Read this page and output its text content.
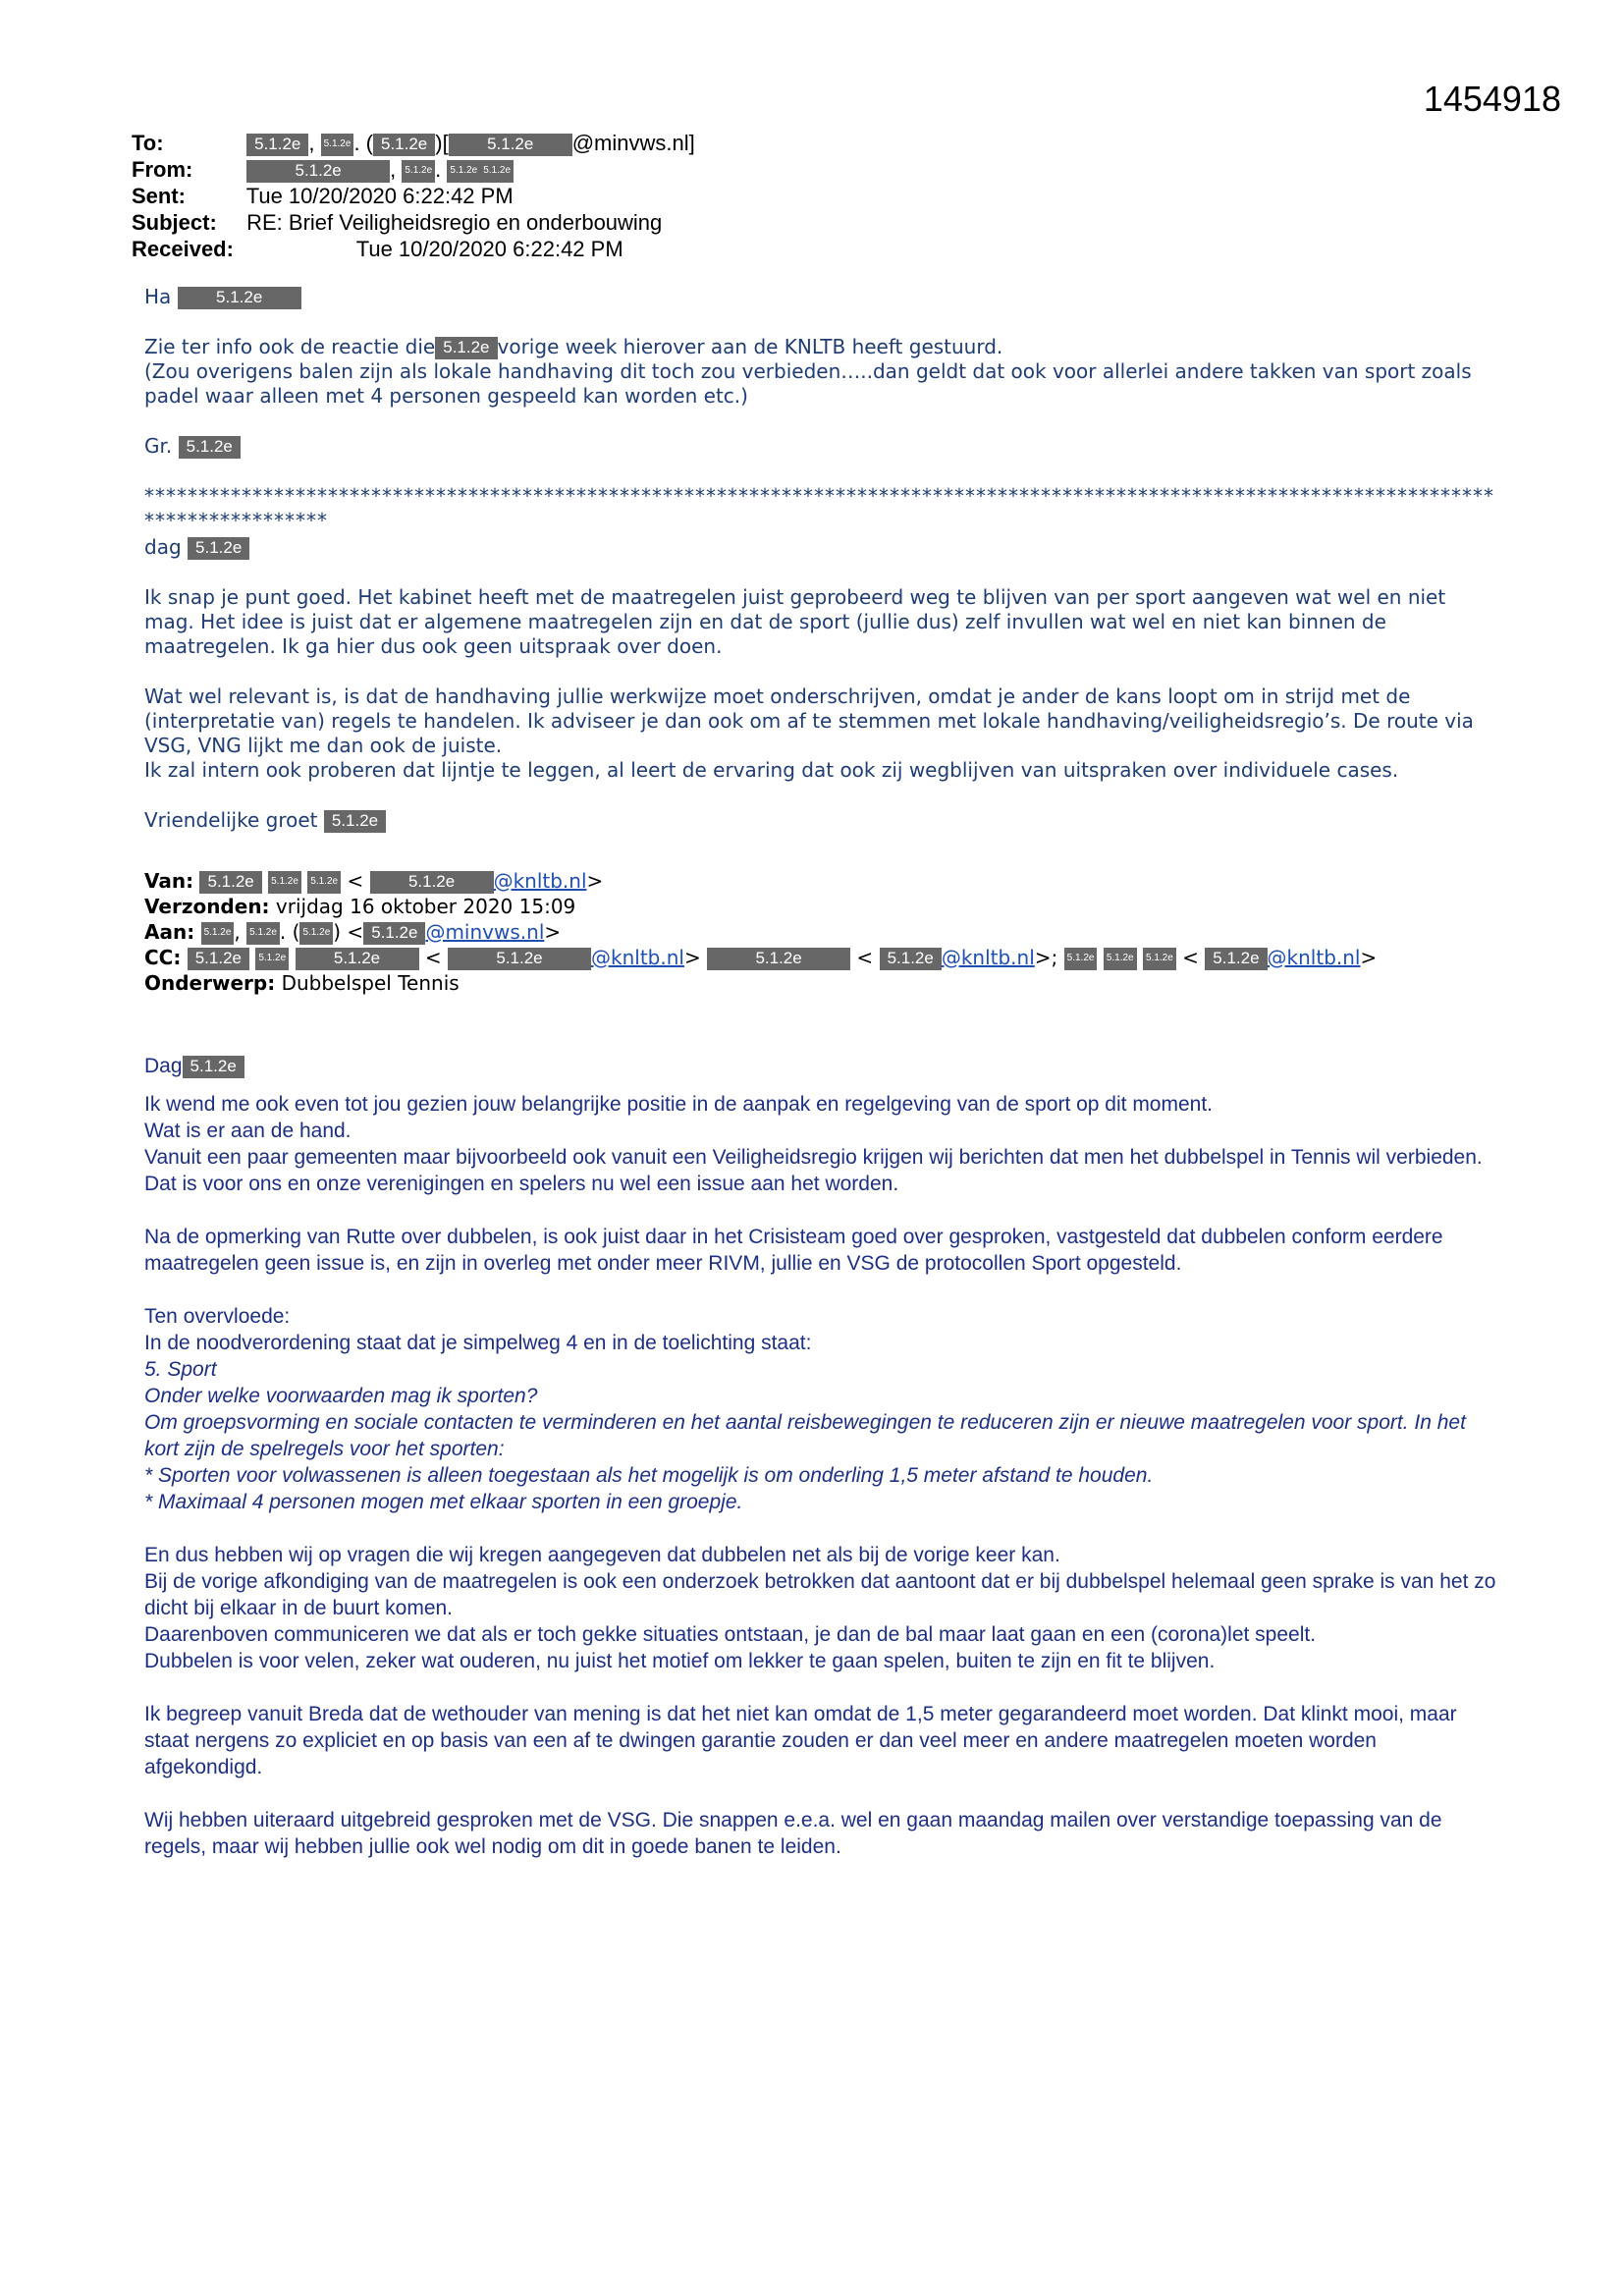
1454918
To:	5.1.2e , 5.1.2e . ( 5.1.2e )[ 5.1.2e @minvws.nl]
From:	5.1.2e , 5.1.2e . 5.1.2e 5.1.2e
Sent:	Tue 10/20/2020 6:22:42 PM
Subject: RE: Brief Veiligheidsregio en onderbouwing
Received:	Tue 10/20/2020 6:22:42 PM

Ha	5.1.2e

Zie ter info ook de reactie die 5.1.2e vorige week hierover aan de KNLTB heeft gestuurd.

(Zou overigens balen zijn als lokale handhaving dit toch zou verbieden…..dan geldt dat ook voor allerlei andere takken van sport zoals padel waar alleen met 4 personen gespeeld kan worden etc.)

Gr. 5.1.2e

**********************************************************************************************************************************************

dag 5.1.2e

Ik snap je punt goed. Het kabinet heeft met de maatregelen juist geprobeerd weg te blijven van per sport aangeven wat wel en niet mag. Het idee is juist dat er algemene maatregelen zijn en dat de sport (jullie dus) zelf invullen wat wel en niet kan binnen de maatregelen. Ik ga hier dus ook geen uitspraak over doen.

Wat wel relevant is, is dat de handhaving jullie werkwijze moet onderschrijven, omdat je ander de kans loopt om in strijd met de (interpretatie van) regels te handelen. Ik adviseer je dan ook om af te stemmen met lokale handhaving/veiligheidsregio’s. De route via VSG, VNG lijkt me dan ook de juiste.

Ik zal intern ook proberen dat lijntje te leggen, al leert de ervaring dat ook zij wegblijven van uitspraken over individuele cases.

Vriendelijke groet 5.1.2e

Van: 5.1.2e 5.1.2e 5.1.2e < 5.1.2e @knltb.nl>
Verzonden: vrijdag 16 oktober 2020 15:09
Aan: 5.1.2e , 5.1.2e . ( 5.1.2e ) < 5.1.2e @minvws.nl>
CC: 5.1.2e 5.1.2e	5.1.2e <	5.1.2e @knltb.nl>	5.1.2e < 5.1.2e @knltb.nl>; 5.1.2e 5.1.2e 5.1.2e < 5.1.2e @knltb.nl>
Onderwerp: Dubbelspel Tennis

Dag 5.1.2e

Ik wend me ook even tot jou gezien jouw belangrijke positie in de aanpak en regelgeving van de sport op dit moment.
Wat is er aan de hand.
Vanuit een paar gemeenten maar bijvoorbeeld ook vanuit een Veiligheidsregio krijgen wij berichten dat men het dubbelspel in Tennis wil verbieden.
Dat is voor ons en onze verenigingen en spelers nu wel een issue aan het worden.

Na de opmerking van Rutte over dubbelen, is ook juist daar in het Crisisteam goed over gesproken, vastgesteld dat dubbelen conform eerdere maatregelen geen issue is, en zijn in overleg met onder meer RIVM, jullie en VSG de protocollen Sport opgesteld.

Ten overvloede:
In de noodverordening staat dat je simpelweg 4 en in de toelichting staat:
5. Sport
Onder welke voorwaarden mag ik sporten?
Om groepsvorming en sociale contacten te verminderen en het aantal reisbewegingen te reduceren zijn er nieuwe maatregelen voor sport. In het kort zijn de spelregels voor het sporten:
* Sporten voor volwassenen is alleen toegestaan als het mogelijk is om onderling 1,5 meter afstand te houden.
* Maximaal 4 personen mogen met elkaar sporten in een groepje.

En dus hebben wij op vragen die wij kregen aangegeven dat dubbelen net als bij de vorige keer kan.
Bij de vorige afkondiging van de maatregelen is ook een onderzoek betrokken dat aantoont dat er bij dubbelspel helemaal geen sprake is van het zo dicht bij elkaar in de buurt komen.
Daarenboven communiceren we dat als er toch gekke situaties ontstaan, je dan de bal maar laat gaan en een (corona)let speelt.
Dubbelen is voor velen, zeker wat ouderen, nu juist het motief om lekker te gaan spelen, buiten te zijn en fit te blijven.

Ik begreep vanuit Breda dat de wethouder van mening is dat het niet kan omdat de 1,5 meter gegarandeerd moet worden. Dat klinkt mooi, maar staat nergens zo expliciet en op basis van een af te dwingen garantie zouden er dan veel meer en andere maatregelen moeten worden afgekondigd.

Wij hebben uiteraard uitgebreid gesproken met de VSG. Die snappen e.e.a. wel en gaan maandag mailen over verstandige toepassing van de regels, maar wij hebben jullie ook wel nodig om dit in goede banen te leiden.
